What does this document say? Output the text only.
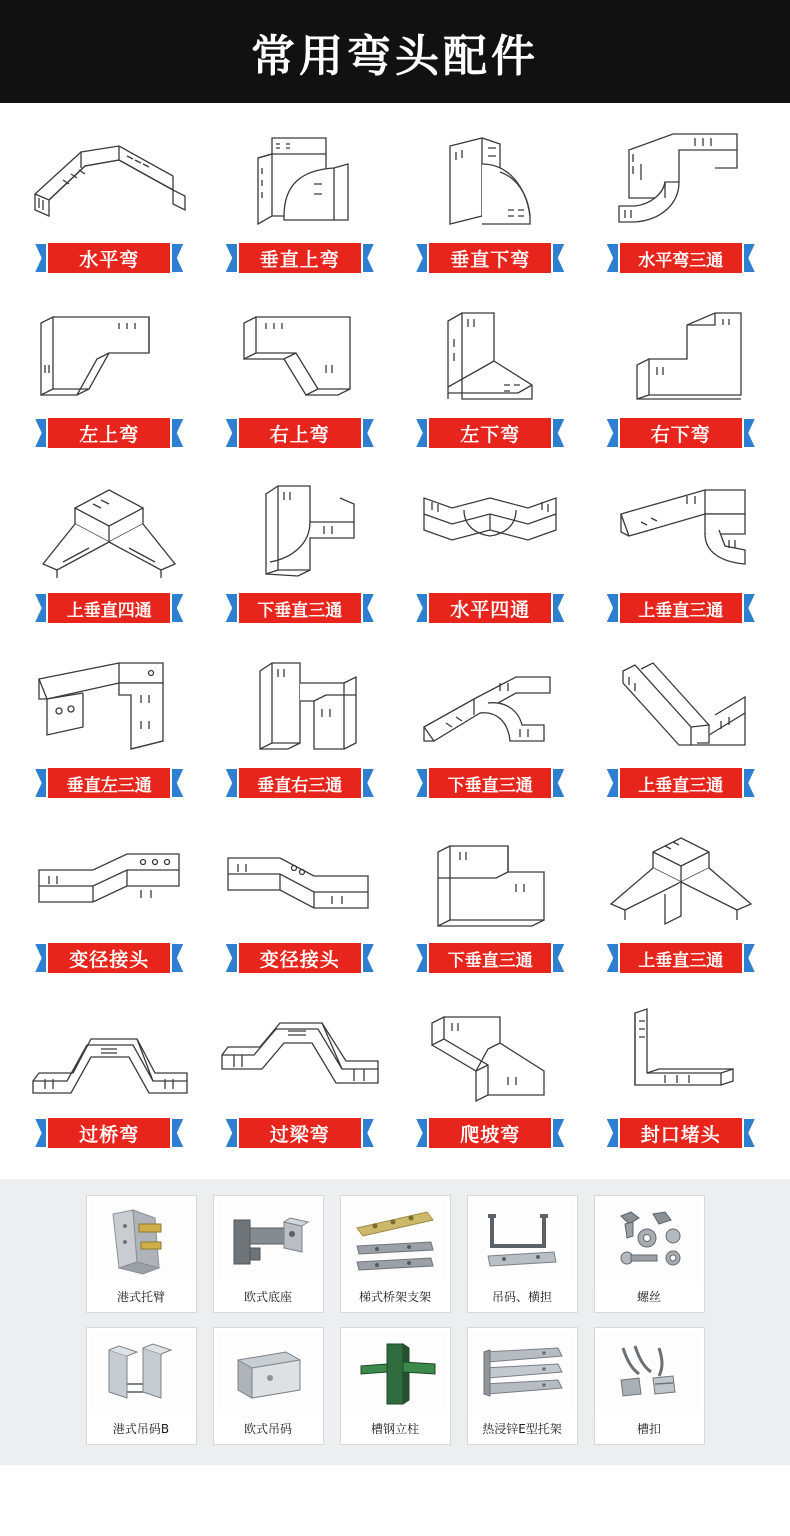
常用弯头配件
水平弯	垂直上弯	垂直下弯	水平弯三通
左上弯	右上弯	左下弯	右下弯
上垂直四通	下垂直三通	水平四通	上垂直三通
垂直左三通	垂直右三通	下垂直三通	上垂直三通
变径接头	变径接头	下垂直三通	上垂直三通
过桥弯	过梁弯	爬坡弯	封口堵头
港式托臂	欧式底座	梯式桥架支架	吊码、横担	螺丝
港式吊码B	欧式吊码	槽钢立柱	热浸锌E型托架	槽扣
